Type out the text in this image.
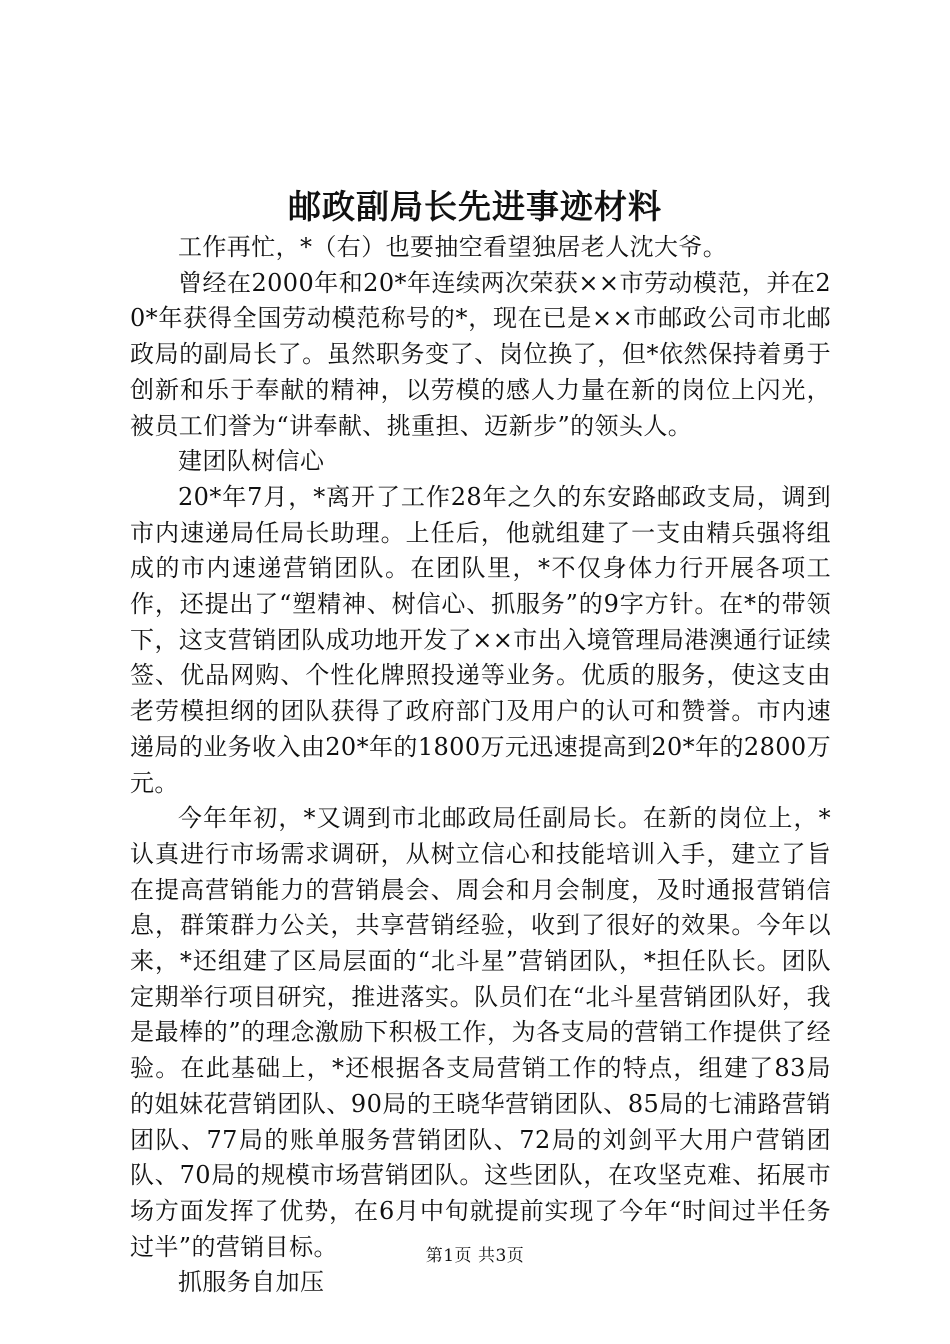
邮政副局长先进事迹材料

工作再忙，*（右）也要抽空看望独居老人沈大爷。

曾经在2000年和20*年连续两次荣获××市劳动模范，并在20*年获得全国劳动模范称号的*，现在已是××市邮政公司市北邮政局的副局长了。虽然职务变了、岗位换了，但*依然保持着勇于创新和乐于奉献的精神，以劳模的感人力量在新的岗位上闪光，被员工们誉为“讲奉献、挑重担、迈新步”的领头人。

建团队树信心

20*年7月，*离开了工作28年之久的东安路邮政支局，调到市内速递局任局长助理。上任后，他就组建了一支由精兵强将组成的市内速递营销团队。在团队里，*不仅身体力行开展各项工作，还提出了“塑精神、树信心、抓服务”的9字方针。在*的带领下，这支营销团队成功地开发了××市出入境管理局港澳通行证续签、优品网购、个性化牌照投递等业务。优质的服务，使这支由老劳模担纲的团队获得了政府部门及用户的认可和赞誉。市内速递局的业务收入由20*年的1800万元迅速提高到20*年的2800万元。

今年年初，*又调到市北邮政局任副局长。在新的岗位上，*认真进行市场需求调研，从树立信心和技能培训入手，建立了旨在提高营销能力的营销晨会、周会和月会制度，及时通报营销信息，群策群力公关，共享营销经验，收到了很好的效果。今年以来，*还组建了区局层面的“北斗星”营销团队，*担任队长。团队定期举行项目研究，推进落实。队员们在“北斗星营销团队好，我是最棒的”的理念激励下积极工作，为各支局的营销工作提供了经验。在此基础上，*还根据各支局营销工作的特点，组建了83局的姐妹花营销团队、90局的王晓华营销团队、85局的七浦路营销团队、77局的账单服务营销团队、72局的刘剑平大用户营销团队、70局的规模市场营销团队。这些团队，在攻坚克难、拓展市场方面发挥了优势，在6月中旬就提前实现了今年“时间过半任务过半”的营销目标。

抓服务自加压

第1页 共3页
